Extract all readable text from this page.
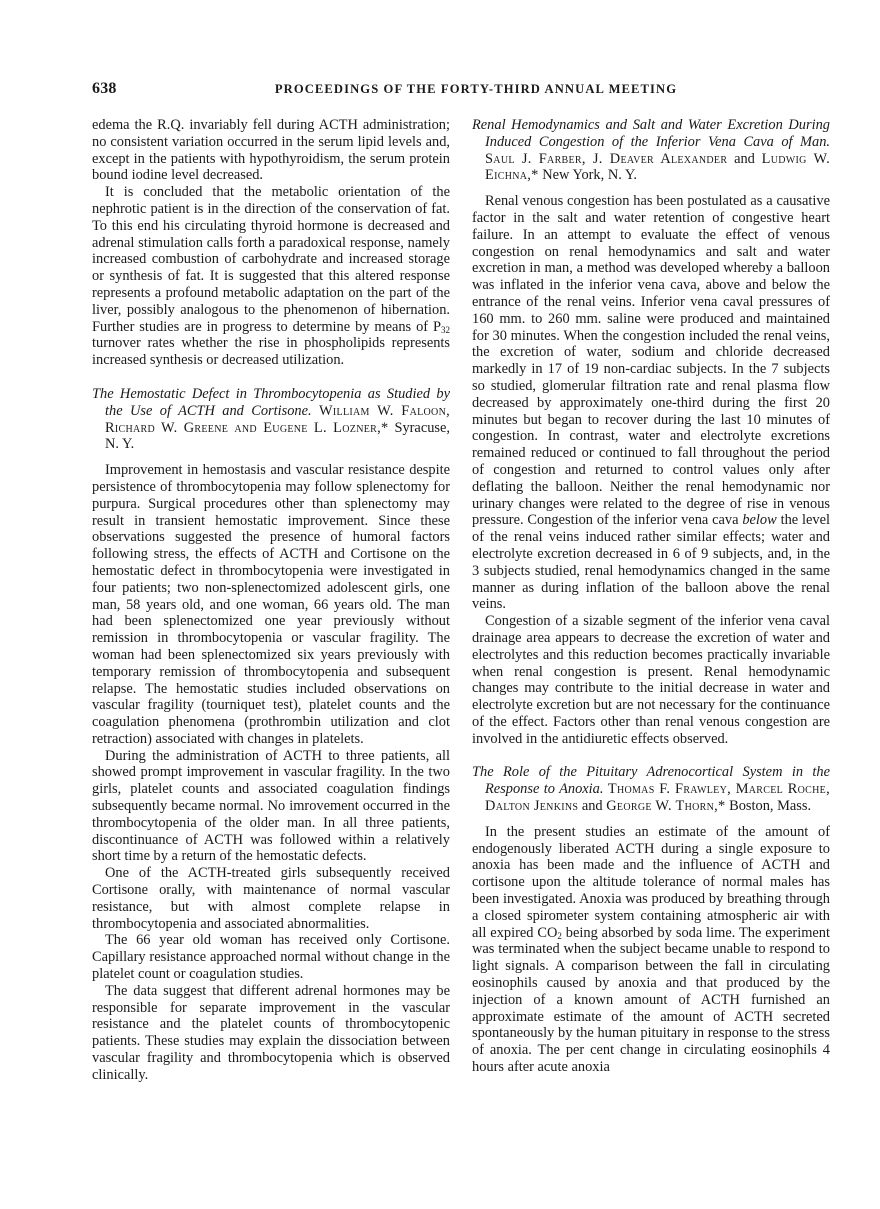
638	PROCEEDINGS OF THE FORTY-THIRD ANNUAL MEETING

edema the R.Q. invariably fell during ACTH administration; no consistent variation occurred in the serum lipid levels and, except in the patients with hypothyroidism, the serum protein bound iodine level decreased.

It is concluded that the metabolic orientation of the nephrotic patient is in the direction of the conservation of fat. To this end his circulating thyroid hormone is decreased and adrenal stimulation calls forth a paradoxical response, namely increased combustion of carbohydrate and increased storage or synthesis of fat. It is suggested that this altered response represents a profound metabolic adaptation on the part of the liver, possibly analogous to the phenomenon of hibernation. Further studies are in progress to determine by means of $P_{32}$ turnover rates whether the rise in phospholipids represents increased synthesis or decreased utilization.

The Hemostatic Defect in Thrombocytopenia as Studied by the Use of ACTH and Cortisone. William W. Faloon, Richard W. Greene and Eugene L. Lozner,* Syracuse, N. Y.

Improvement in hemostasis and vascular resistance despite persistence of thrombocytopenia may follow splenectomy for purpura. Surgical procedures other than splenectomy may result in transient hemostatic improvement. Since these observations suggested the presence of humoral factors following stress, the effects of ACTH and Cortisone on the hemostatic defect in thrombocytopenia were investigated in four patients; two non-splenectomized adolescent girls, one man, 58 years old, and one woman, 66 years old. The man had been splenectomized one year previously without remission in thrombocytopenia or vascular fragility. The woman had been splenectomized six years previously with temporary remission of thrombocytopenia and subsequent relapse. The hemostatic studies included observations on vascular fragility (tourniquet test), platelet counts and the coagulation phenomena (prothrombin utilization and clot retraction) associated with changes in platelets.

During the administration of ACTH to three patients, all showed prompt improvement in vascular fragility. In the two girls, platelet counts and associated coagulation findings subsequently became normal. No imrovement occurred in the thrombocytopenia of the older man. In all three patients, discontinuance of ACTH was followed within a relatively short time by a return of the hemostatic defects.

One of the ACTH-treated girls subsequently received Cortisone orally, with maintenance of normal vascular resistance, but with almost complete relapse in thrombocytopenia and associated abnormalities.

The 66 year old woman has received only Cortisone. Capillary resistance approached normal without change in the platelet count or coagulation studies.

The data suggest that different adrenal hormones may be responsible for separate improvement in the vascular resistance and the platelet counts of thrombocytopenic patients. These studies may explain the dissociation between vascular fragility and thrombocytopenia which is observed clinically.

Renal Hemodynamics and Salt and Water Excretion During Induced Congestion of the Inferior Vena Cava of Man. Saul J. Farber, J. Deaver Alexander and Ludwig W. Eichna,* New York, N. Y.

Renal venous congestion has been postulated as a causative factor in the salt and water retention of congestive heart failure. In an attempt to evaluate the effect of venous congestion on renal hemodynamics and salt and water excretion in man, a method was developed whereby a balloon was inflated in the inferior vena cava, above and below the entrance of the renal veins. Inferior vena caval pressures of 160 mm. to 260 mm. saline were produced and maintained for 30 minutes. When the congestion included the renal veins, the excretion of water, sodium and chloride decreased markedly in 17 of 19 non-cardiac subjects. In the 7 subjects so studied, glomerular filtration rate and renal plasma flow decreased by approximately one-third during the first 20 minutes but began to recover during the last 10 minutes of congestion. In contrast, water and electrolyte excretions remained reduced or continued to fall throughout the period of congestion and returned to control values only after deflating the balloon. Neither the renal hemodynamic nor urinary changes were related to the degree of rise in venous pressure. Congestion of the inferior vena cava below the level of the renal veins induced rather similar effects; water and electrolyte excretion decreased in 6 of 9 subjects, and, in the 3 subjects studied, renal hemodynamics changed in the same manner as during inflation of the balloon above the renal veins.

Congestion of a sizable segment of the inferior vena caval drainage area appears to decrease the excretion of water and electrolytes and this reduction becomes practically invariable when renal congestion is present. Renal hemodynamic changes may contribute to the initial decrease in water and electrolyte excretion but are not necessary for the continuance of the effect. Factors other than renal venous congestion are involved in the antidiuretic effects observed.

The Role of the Pituitary Adrenocortical System in the Response to Anoxia. Thomas F. Frawley, Marcel Roche, Dalton Jenkins and George W. Thorn,* Boston, Mass.

In the present studies an estimate of the amount of endogenously liberated ACTH during a single exposure to anoxia has been made and the influence of ACTH and cortisone upon the altitude tolerance of normal males has been investigated. Anoxia was produced by breathing through a closed spirometer system containing atmospheric air with all expired $CO_2$ being absorbed by soda lime. The experiment was terminated when the subject became unable to respond to light signals. A comparison between the fall in circulating eosinophils caused by anoxia and that produced by the injection of a known amount of ACTH furnished an approximate estimate of the amount of ACTH secreted spontaneously by the human pituitary in response to the stress of anoxia. The per cent change in circulating eosinophils 4 hours after acute anoxia
